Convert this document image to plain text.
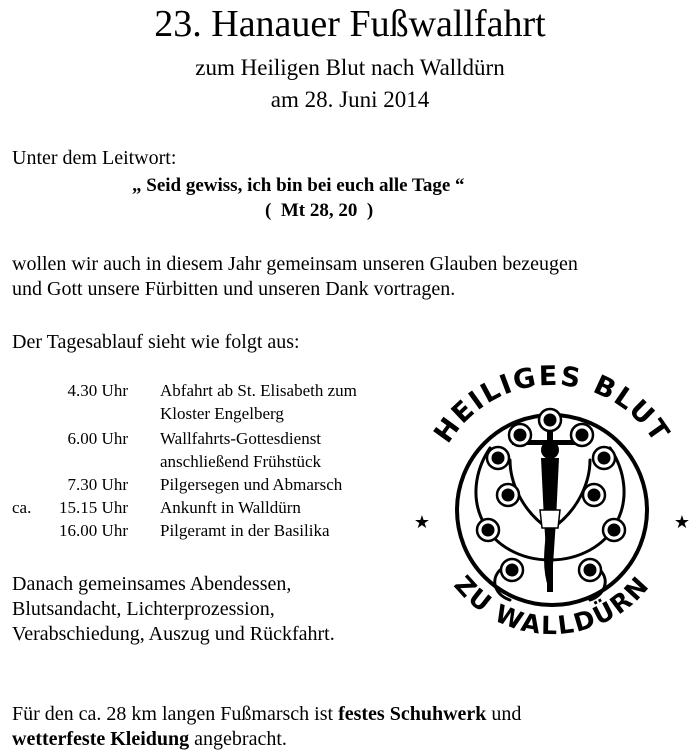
23. Hanauer Fußwallfahrt
zum Heiligen Blut nach Walldürn
am 28. Juni 2014
Unter dem Leitwort:
„ Seid gewiss, ich bin bei euch alle Tage “
(  Mt 28, 20  )
wollen wir auch in diesem Jahr gemeinsam unseren Glauben bezeugen
und Gott unsere Fürbitten und unseren Dank vortragen.
Der Tagesablauf sieht wie folgt aus:
4.30 Uhr Abfahrt ab St. Elisabeth zum
Kloster Engelberg
6.00 Uhr Wallfahrts-Gottesdienst
anschließend Frühstück
7.30 Uhr Pilgersegen und Abmarsch
ca.	15.15 Uhr Ankunft in Walldürn
16.00 Uhr Pilgeramt in der Basilika
Danach gemeinsames Abendessen,
Blutsandacht, Lichterprozession,
Verabschiedung, Auszug und Rückfahrt.
Für den ca. 28 km langen Fußmarsch ist festes Schuhwerk und
wetterfeste Kleidung angebracht.
HEILIGES BLUT
ZU WALLDÜRN
★	★
